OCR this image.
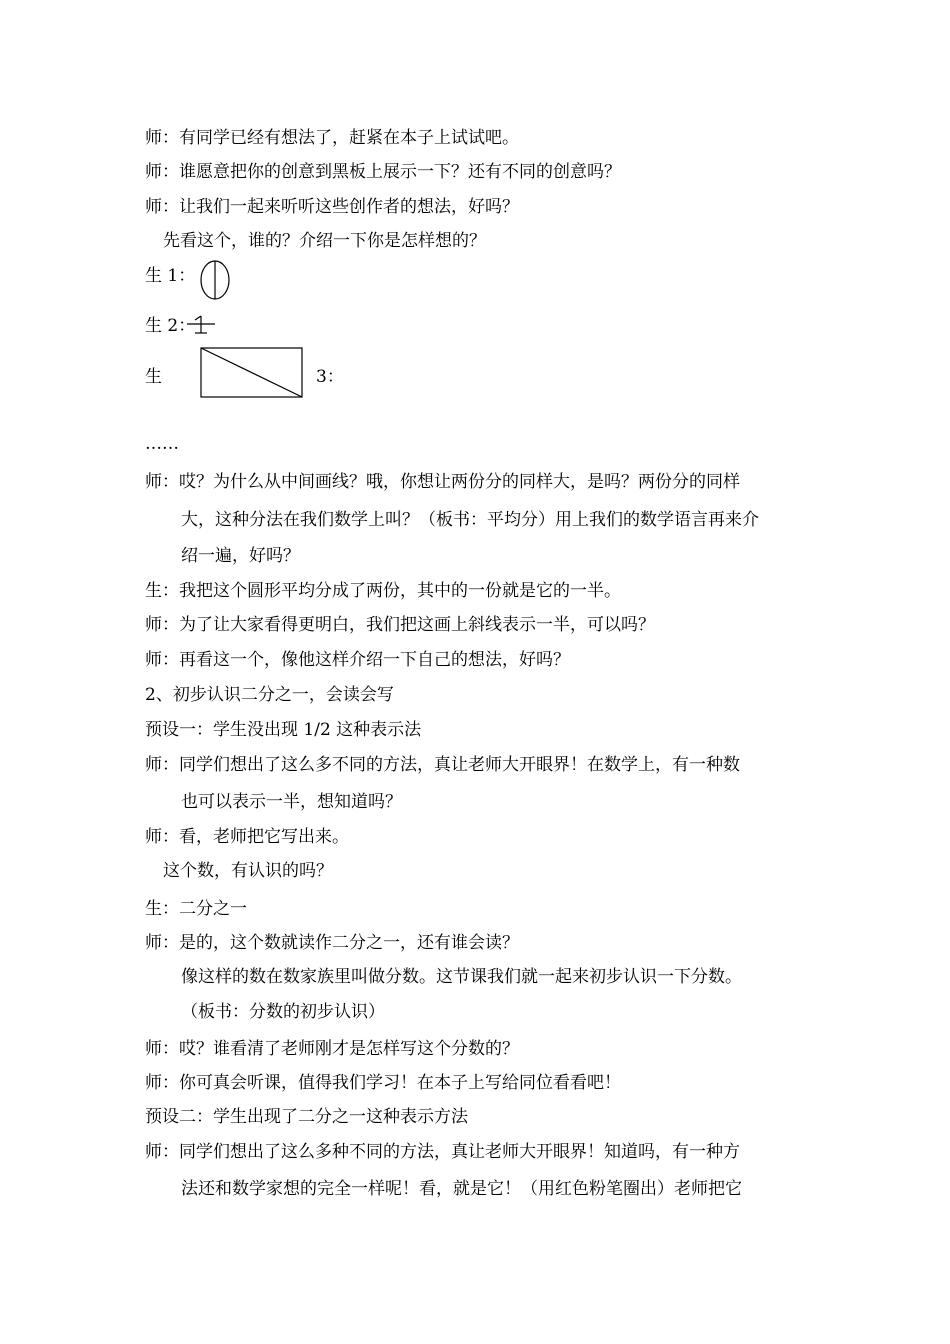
师：有同学已经有想法了，赶紧在本子上试试吧。
师：谁愿意把你的创意到黑板上展示一下？还有不同的创意吗？
师：让我们一起来听听这些创作者的想法，好吗？
先看这个，谁的？介绍一下你是怎样想的？
生 1：
生 2：
生	3：
……
师：哎？为什么从中间画线？哦，你想让两份分的同样大，是吗？两份分的同样
大，这种分法在我们数学上叫？（板书：平均分）用上我们的数学语言再来介
绍一遍，好吗？
生：我把这个圆形平均分成了两份，其中的一份就是它的一半。
师：为了让大家看得更明白，我们把这画上斜线表示一半，可以吗？
师：再看这一个，像他这样介绍一下自己的想法，好吗？
2、初步认识二分之一，会读会写
预设一：学生没出现 1/2 这种表示法
师：同学们想出了这么多不同的方法，真让老师大开眼界！在数学上，有一种数
也可以表示一半，想知道吗？
师：看，老师把它写出来。
这个数，有认识的吗？
生：二分之一
师：是的，这个数就读作二分之一，还有谁会读？
像这样的数在数家族里叫做分数。这节课我们就一起来初步认识一下分数。
（板书：分数的初步认识）
师：哎？谁看清了老师刚才是怎样写这个分数的？
师：你可真会听课，值得我们学习！在本子上写给同位看看吧！
预设二：学生出现了二分之一这种表示方法
师：同学们想出了这么多种不同的方法，真让老师大开眼界！知道吗，有一种方
法还和数学家想的完全一样呢！看，就是它！（用红色粉笔圈出）老师把它
